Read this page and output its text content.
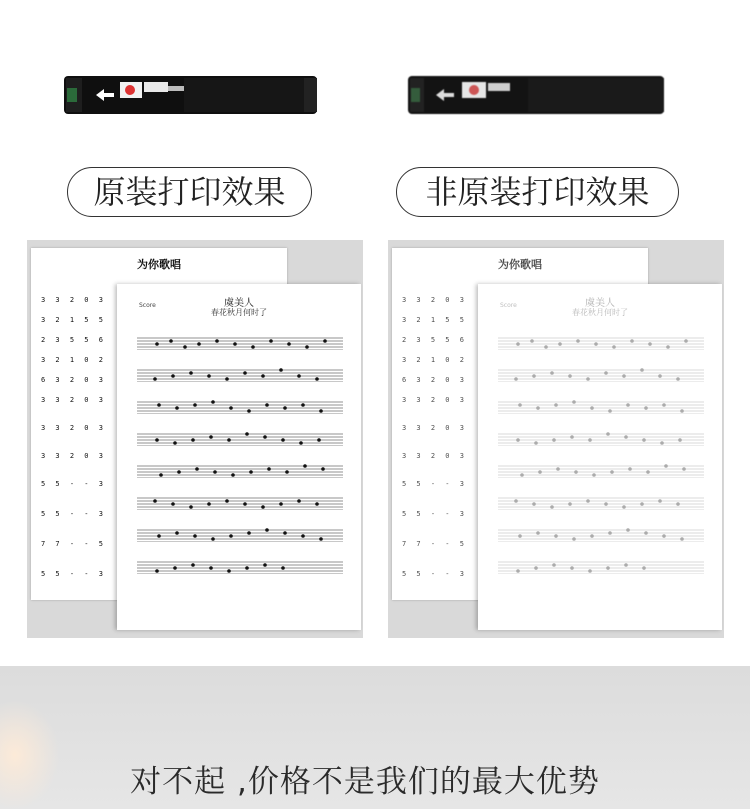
原装打印效果	非原装打印效果
为你歌唱
3 3 2 0 3
3 2 1 5 5
2 3 5 5 6
3 2 1 0 2
6 3 2 0 3
3 3 2 0 3
3 3 2 0 3
3 3 2 0 3
5 5 - - 3
5 5 - - 3
7 7 - - 5
5 5 - - 3
Score	虞美人
春花秋月何时了
为你歌唱
3 3 2 0 3
3 2 1 5 5
2 3 5 5 6
3 2 1 0 2
6 3 2 0 3
3 3 2 0 3
3 3 2 0 3
3 3 2 0 3
5 5 - - 3
5 5 - - 3
7 7 - - 5
5 5 - - 3
Score	虞美人
春花秋月何时了
对不起 ,价格不是我们的最大优势
